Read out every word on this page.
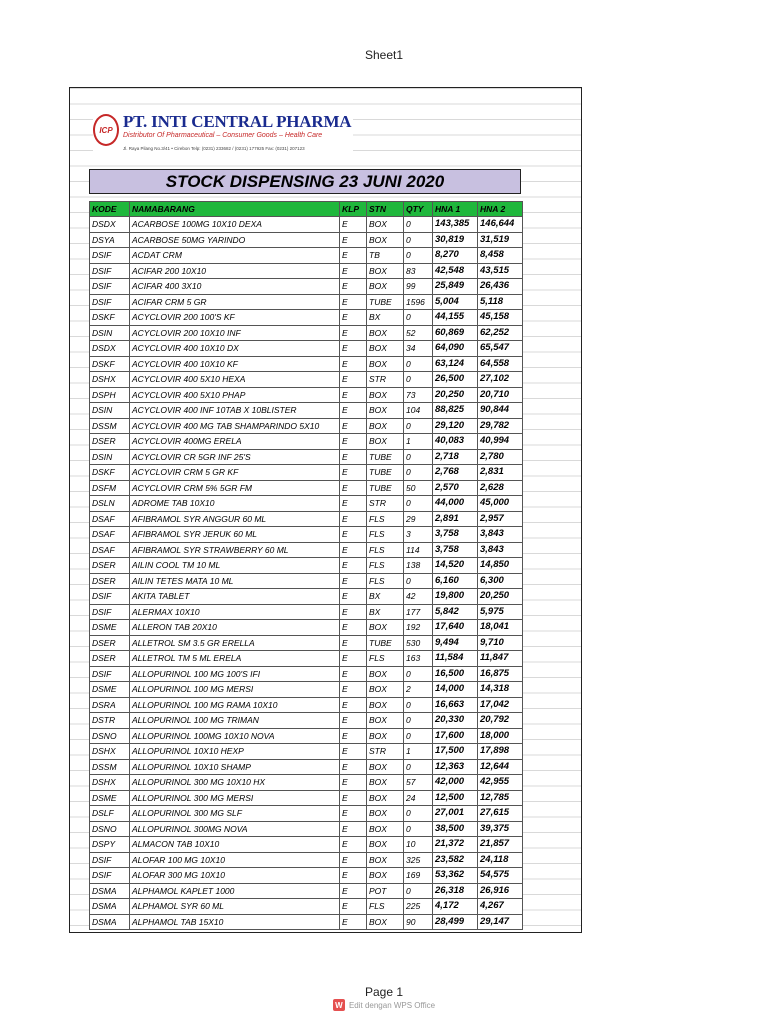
Sheet1
ICP PT. INTI CENTRAL PHARMA
Distributor Of Pharmaceutical – Consumer Goods – Health Care
Jl. Raya Pilang No.3/41 • Cirebon Telp: (0231) 233682 / (0231) 177925 Fax: (0231) 207123
STOCK DISPENSING 23 JUNI 2020
KODE	NAMABARANG	KLP	STN	QTY	HNA 1	HNA 2
DSDX	ACARBOSE 100MG 10X10 DEXA	E	BOX	0	143,385	146,644
DSYA	ACARBOSE 50MG YARINDO	E	BOX	0	30,819	31,519
DSIF	ACDAT CRM	E	TB	0	8,270	8,458
DSIF	ACIFAR 200 10X10	E	BOX	83	42,548	43,515
DSIF	ACIFAR 400 3X10	E	BOX	99	25,849	26,436
DSIF	ACIFAR CRM 5 GR	E	TUBE	1596	5,004	5,118
DSKF	ACYCLOVIR 200 100'S KF	E	BX	0	44,155	45,158
DSIN	ACYCLOVIR 200 10X10 INF	E	BOX	52	60,869	62,252
DSDX	ACYCLOVIR 400 10X10 DX	E	BOX	34	64,090	65,547
DSKF	ACYCLOVIR 400 10X10 KF	E	BOX	0	63,124	64,558
DSHX	ACYCLOVIR 400 5X10 HEXA	E	STR	0	26,500	27,102
DSPH	ACYCLOVIR 400 5X10 PHAP	E	BOX	73	20,250	20,710
DSIN	ACYCLOVIR 400 INF 10TAB X 10BLISTER	E	BOX	104	88,825	90,844
DSSM	ACYCLOVIR 400 MG TAB SHAMPARINDO 5X10	E	BOX	0	29,120	29,782
DSER	ACYCLOVIR 400MG ERELA	E	BOX	1	40,083	40,994
DSIN	ACYCLOVIR CR 5GR INF 25'S	E	TUBE	0	2,718	2,780
DSKF	ACYCLOVIR CRM 5 GR KF	E	TUBE	0	2,768	2,831
DSFM	ACYCLOVIR CRM 5% 5GR FM	E	TUBE	50	2,570	2,628
DSLN	ADROME TAB 10X10	E	STR	0	44,000	45,000
DSAF	AFIBRAMOL SYR ANGGUR 60 ML	E	FLS	29	2,891	2,957
DSAF	AFIBRAMOL SYR JERUK 60 ML	E	FLS	3	3,758	3,843
DSAF	AFIBRAMOL SYR STRAWBERRY 60 ML	E	FLS	114	3,758	3,843
DSER	AILIN COOL TM 10 ML	E	FLS	138	14,520	14,850
DSER	AILIN TETES MATA 10 ML	E	FLS	0	6,160	6,300
DSIF	AKITA TABLET	E	BX	42	19,800	20,250
DSIF	ALERMAX 10X10	E	BX	177	5,842	5,975
DSME	ALLERON TAB 20X10	E	BOX	192	17,640	18,041
DSER	ALLETROL SM 3.5 GR ERELLA	E	TUBE	530	9,494	9,710
DSER	ALLETROL TM 5 ML ERELA	E	FLS	163	11,584	11,847
DSIF	ALLOPURINOL 100 MG 100'S IFI	E	BOX	0	16,500	16,875
DSME	ALLOPURINOL 100 MG MERSI	E	BOX	2	14,000	14,318
DSRA	ALLOPURINOL 100 MG RAMA 10X10	E	BOX	0	16,663	17,042
DSTR	ALLOPURINOL 100 MG TRIMAN	E	BOX	0	20,330	20,792
DSNO	ALLOPURINOL 100MG 10X10 NOVA	E	BOX	0	17,600	18,000
DSHX	ALLOPURINOL 10X10 HEXP	E	STR	1	17,500	17,898
DSSM	ALLOPURINOL 10X10 SHAMP	E	BOX	0	12,363	12,644
DSHX	ALLOPURINOL 300 MG 10X10 HX	E	BOX	57	42,000	42,955
DSME	ALLOPURINOL 300 MG MERSI	E	BOX	24	12,500	12,785
DSLF	ALLOPURINOL 300 MG SLF	E	BOX	0	27,001	27,615
DSNO	ALLOPURINOL 300MG NOVA	E	BOX	0	38,500	39,375
DSPY	ALMACON TAB 10X10	E	BOX	10	21,372	21,857
DSIF	ALOFAR 100 MG 10X10	E	BOX	325	23,582	24,118
DSIF	ALOFAR 300 MG 10X10	E	BOX	169	53,362	54,575
DSMA	ALPHAMOL KAPLET 1000	E	POT	0	26,318	26,916
DSMA	ALPHAMOL SYR 60 ML	E	FLS	225	4,172	4,267
DSMA	ALPHAMOL TAB 15X10	E	BOX	90	28,499	29,147
Page 1
W Edit dengan WPS Office
